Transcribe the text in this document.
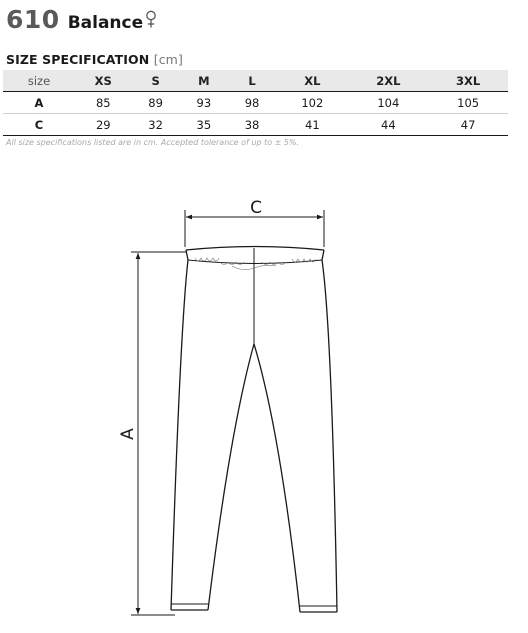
610 Balance
SIZE SPECIFICATION [cm]
size	XS	S	M	L	XL	2XL	3XL
A	85	89	93	98	102	104	105
C	29	32	35	38	41	44	47
All size specifications listed are in cm. Accepted tolerance of up to ± 5%.
C
A
